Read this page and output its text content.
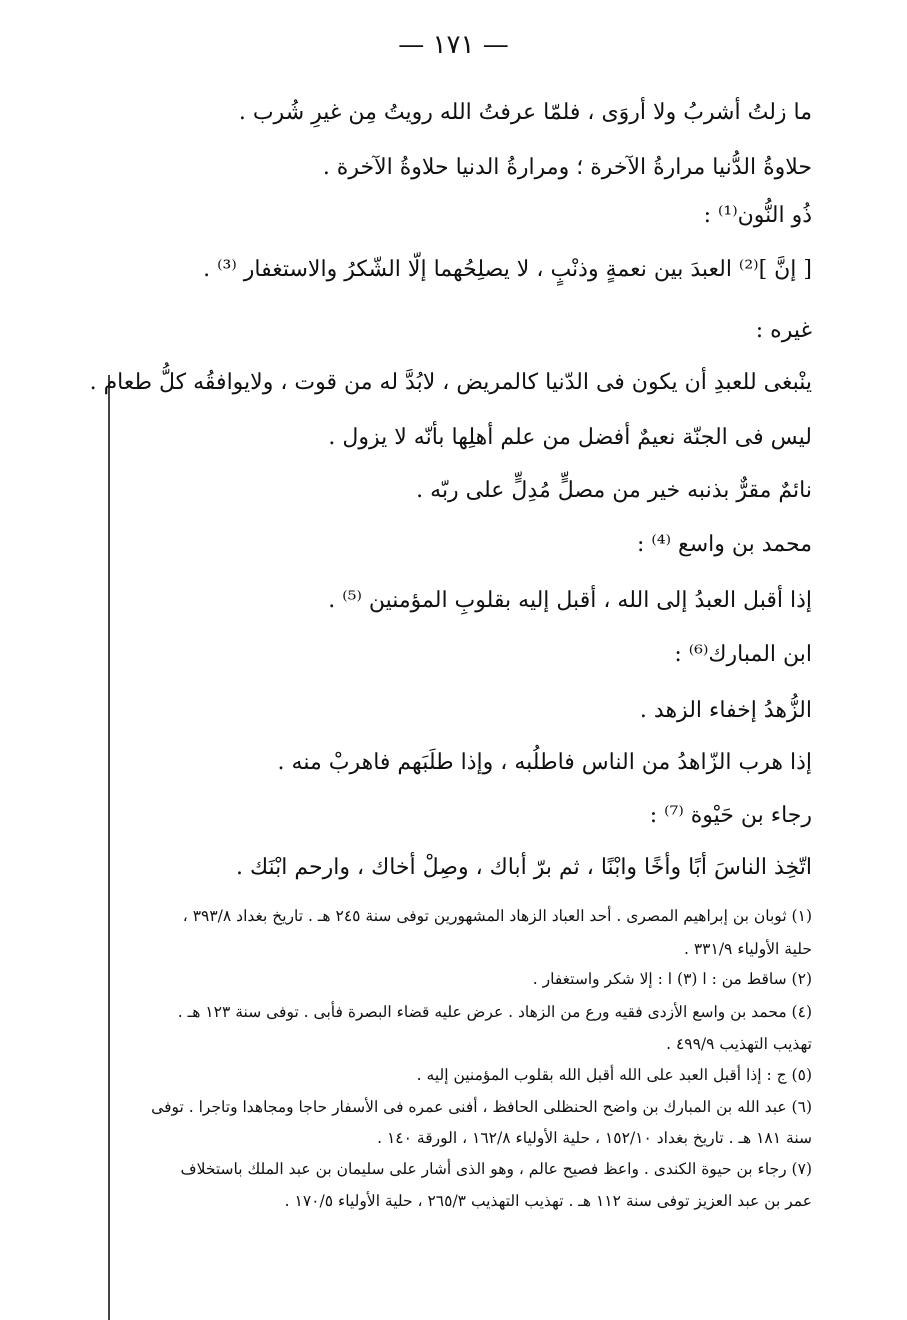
— ١٧١ —
ما زلتُ أشربُ ولا أروَى ، فلمّا عرفتُ الله رويتُ مِن غيرِ شُرب .
حلاوةُ الدُّنيا مرارةُ الآخرة ؛ ومرارةُ الدنيا حلاوةُ الآخرة .
ذُو النُّون⁽¹⁾ :
[ إنَّ ]⁽²⁾ العبدَ بين نعمةٍ وذنْبٍ ، لا يصلِحُهما إلّا الشّكرُ والاستغفار ⁽³⁾ .
غيره :
ينْبغى للعبدِ أن يكون فى الدّنيا كالمريض ، لابُدَّ له من قوت ، ولايوافقُه كلُّ طعام .
ليس فى الجنّة نعيمٌ أفضل من علم أهلِها بأنّه لا يزول .
نائمٌ مقرٌّ بذنبه خير من مصلٍّ مُدِلٍّ على ربّه .
محمد بن واسع ⁽⁴⁾ :
إذا أقبل العبدُ إلى الله ، أقبل إليه بقلوبِ المؤمنين ⁽⁵⁾ .
ابن المبارك⁽⁶⁾ :
الزُّهدُ إخفاء الزهد .
إذا هرب الزّاهدُ من الناس فاطلُبه ، وإذا طلَبَهم فاهربْ منه .
رجاء بن حَيْوة ⁽⁷⁾ :
اتّخِذ الناسَ أبًا وأخًا وابْنًا ، ثم برّ أباك ، وصِلْ أخاك ، وارحم ابْنَك .
(١) ثوبان بن إبراهيم المصرى . أحد العباد الزهاد المشهورين توفى سنة ٢٤٥ هـ . تاريخ بغداد ٣٩٣/٨ ،
حلية الأولياء ٣٣١/٩ .
(٢) ساقط من : ا (٣) ا : إلا شكر واستغفار .
(٤) محمد بن واسع الأزدى فقيه ورع من الزهاد . عرض عليه قضاء البصرة فأبى . توفى سنة ١٢٣ هـ .
تهذيب التهذيب ٤٩٩/٩ .
(٥) ج : إذا أقبل العبد على الله أقبل الله بقلوب المؤمنين إليه .
(٦) عبد الله بن المبارك بن واضح الحنظلى الحافظ ، أفنى عمره فى الأسفار حاجا ومجاهدا وتاجرا . توفى
سنة ١٨١ هـ . تاريخ بغداد ١٥٢/١٠ ، حلية الأولياء ١٦٢/٨ ، الورقة ١٤٠ .
(٧) رجاء بن حيوة الكندى . واعظ فصيح عالم ، وهو الذى أشار على سليمان بن عبد الملك باستخلاف
عمر بن عبد العزيز توفى سنة ١١٢ هـ . تهذيب التهذيب ٢٦٥/٣ ، حلية الأولياء ١٧٠/٥ .
